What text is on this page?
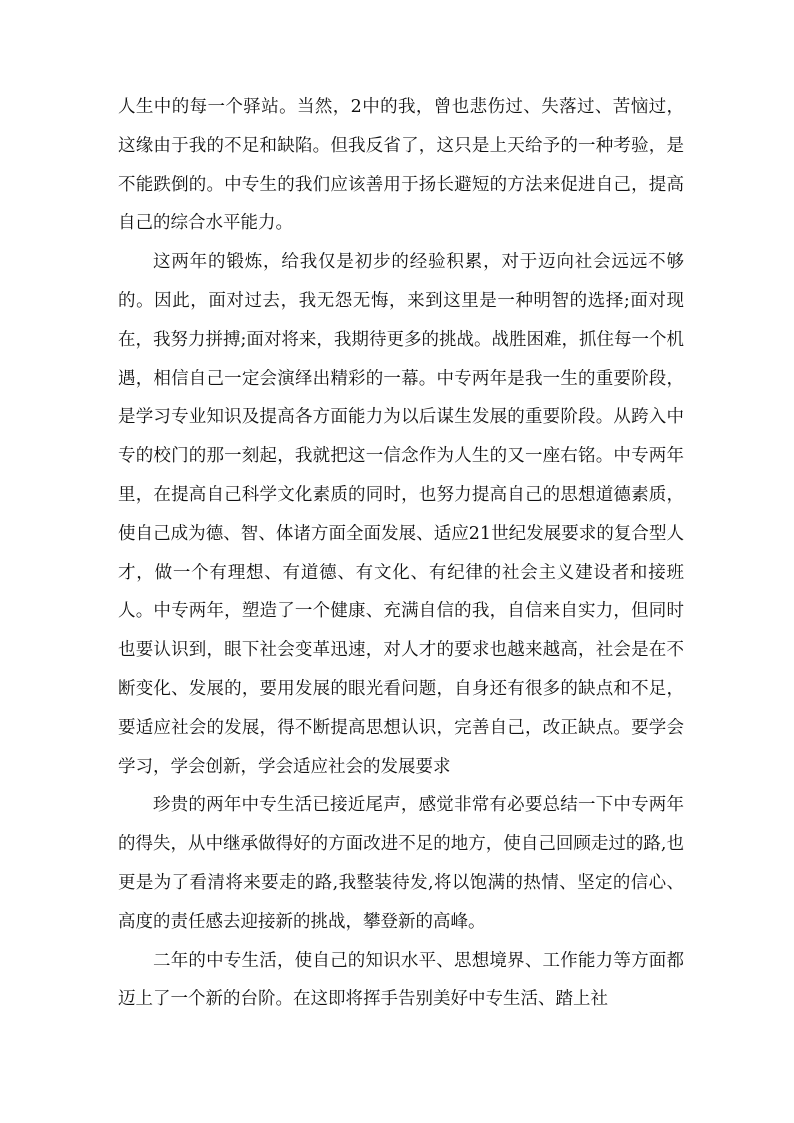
人生中的每一个驿站。当然，2中的我，曾也悲伤过、失落过、苦恼过，这缘由于我的不足和缺陷。但我反省了，这只是上天给予的一种考验，是不能跌倒的。中专生的我们应该善用于扬长避短的方法来促进自己，提高自己的综合水平能力。

这两年的锻炼，给我仅是初步的经验积累，对于迈向社会远远不够的。因此，面对过去，我无怨无悔，来到这里是一种明智的选择;面对现在，我努力拼搏;面对将来，我期待更多的挑战。战胜困难，抓住每一个机遇，相信自己一定会演绎出精彩的一幕。中专两年是我一生的重要阶段，是学习专业知识及提高各方面能力为以后谋生发展的重要阶段。从跨入中专的校门的那一刻起，我就把这一信念作为人生的又一座右铭。中专两年里，在提高自己科学文化素质的同时，也努力提高自己的思想道德素质，使自己成为德、智、体诸方面全面发展、适应21世纪发展要求的复合型人才，做一个有理想、有道德、有文化、有纪律的社会主义建设者和接班人。中专两年，塑造了一个健康、充满自信的我，自信来自实力，但同时也要认识到，眼下社会变革迅速，对人才的要求也越来越高，社会是在不断变化、发展的，要用发展的眼光看问题，自身还有很多的缺点和不足，要适应社会的发展，得不断提高思想认识，完善自己，改正缺点。要学会学习，学会创新，学会适应社会的发展要求

珍贵的两年中专生活已接近尾声，感觉非常有必要总结一下中专两年的得失，从中继承做得好的方面改进不足的地方，使自己回顾走过的路,也更是为了看清将来要走的路,我整装待发,将以饱满的热情、坚定的信心、高度的责任感去迎接新的挑战，攀登新的高峰。

二年的中专生活，使自己的知识水平、思想境界、工作能力等方面都迈上了一个新的台阶。在这即将挥手告别美好中专生活、踏上社
